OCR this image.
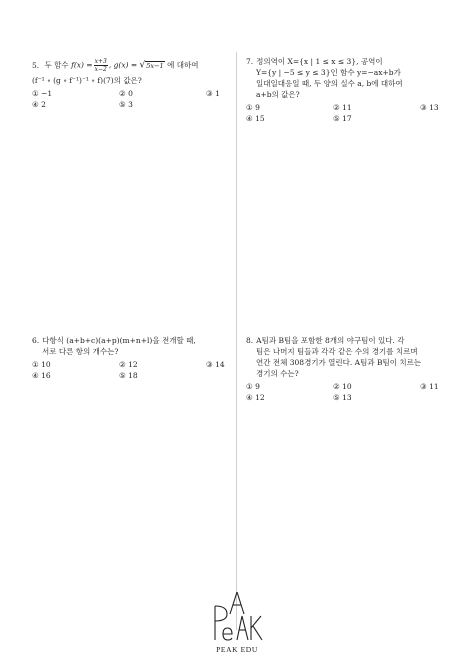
5. 두 함수 $f(x) = \frac{x+3}{x-2}$ , g(x) = √5x−1 에 대하여
(f⁻¹ ∘ (g ∘ f⁻¹)⁻¹ ∘ f)(7)의 값은?
① −1	② 0	③ 1
④ 2	⑤ 3
7. 정의역이 X={x | 1 ≤ x ≤ 3}, 공역이
Y={y | −5 ≤ y ≤ 3}인 함수 y=−ax+b가
일대일대응일 때, 두 양의 실수 a, b에 대하여
a+b의 값은?
① 9	② 11	③ 13
④ 15	⑤ 17
6. 다항식 (a+b+c)(a+p)(m+n+l)을 전개할 때,
서로 다른 항의 개수는?
① 10	② 12	③ 14
④ 16	⑤ 18
8. A팀과 B팀을 포함한 8개의 야구팀이 있다. 각
팀은 나머지 팀들과 각각 같은 수의 경기를 치르며
연간 전체 308경기가 열린다. A팀과 B팀이 치르는
경기의 수는?
① 9	② 10	③ 11
④ 12	⑤ 13
PEAK EDU
